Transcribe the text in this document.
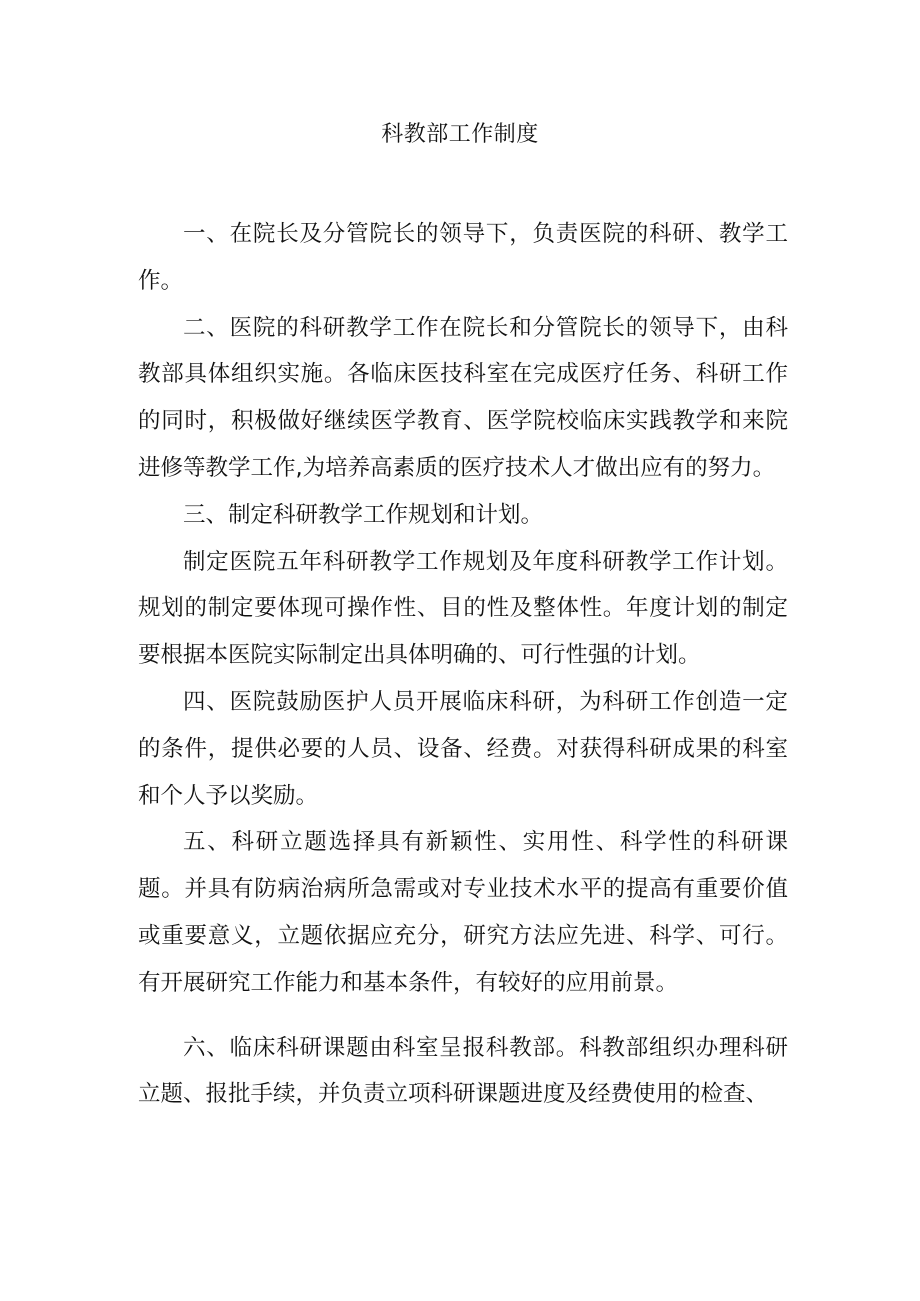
科教部工作制度

一、在院长及分管院长的领导下，负责医院的科研、教学工作。

二、医院的科研教学工作在院长和分管院长的领导下，由科教部具体组织实施。各临床医技科室在完成医疗任务、科研工作的同时，积极做好继续医学教育、医学院校临床实践教学和来院进修等教学工作,为培养高素质的医疗技术人才做出应有的努力。

三、制定科研教学工作规划和计划。

制定医院五年科研教学工作规划及年度科研教学工作计划。规划的制定要体现可操作性、目的性及整体性。年度计划的制定要根据本医院实际制定出具体明确的、可行性强的计划。

四、医院鼓励医护人员开展临床科研，为科研工作创造一定的条件，提供必要的人员、设备、经费。对获得科研成果的科室和个人予以奖励。

五、科研立题选择具有新颖性、实用性、科学性的科研课题。并具有防病治病所急需或对专业技术水平的提高有重要价值或重要意义，立题依据应充分，研究方法应先进、科学、可行。有开展研究工作能力和基本条件，有较好的应用前景。

六、临床科研课题由科室呈报科教部。科教部组织办理科研立题、报批手续，并负责立项科研课题进度及经费使用的检查、
